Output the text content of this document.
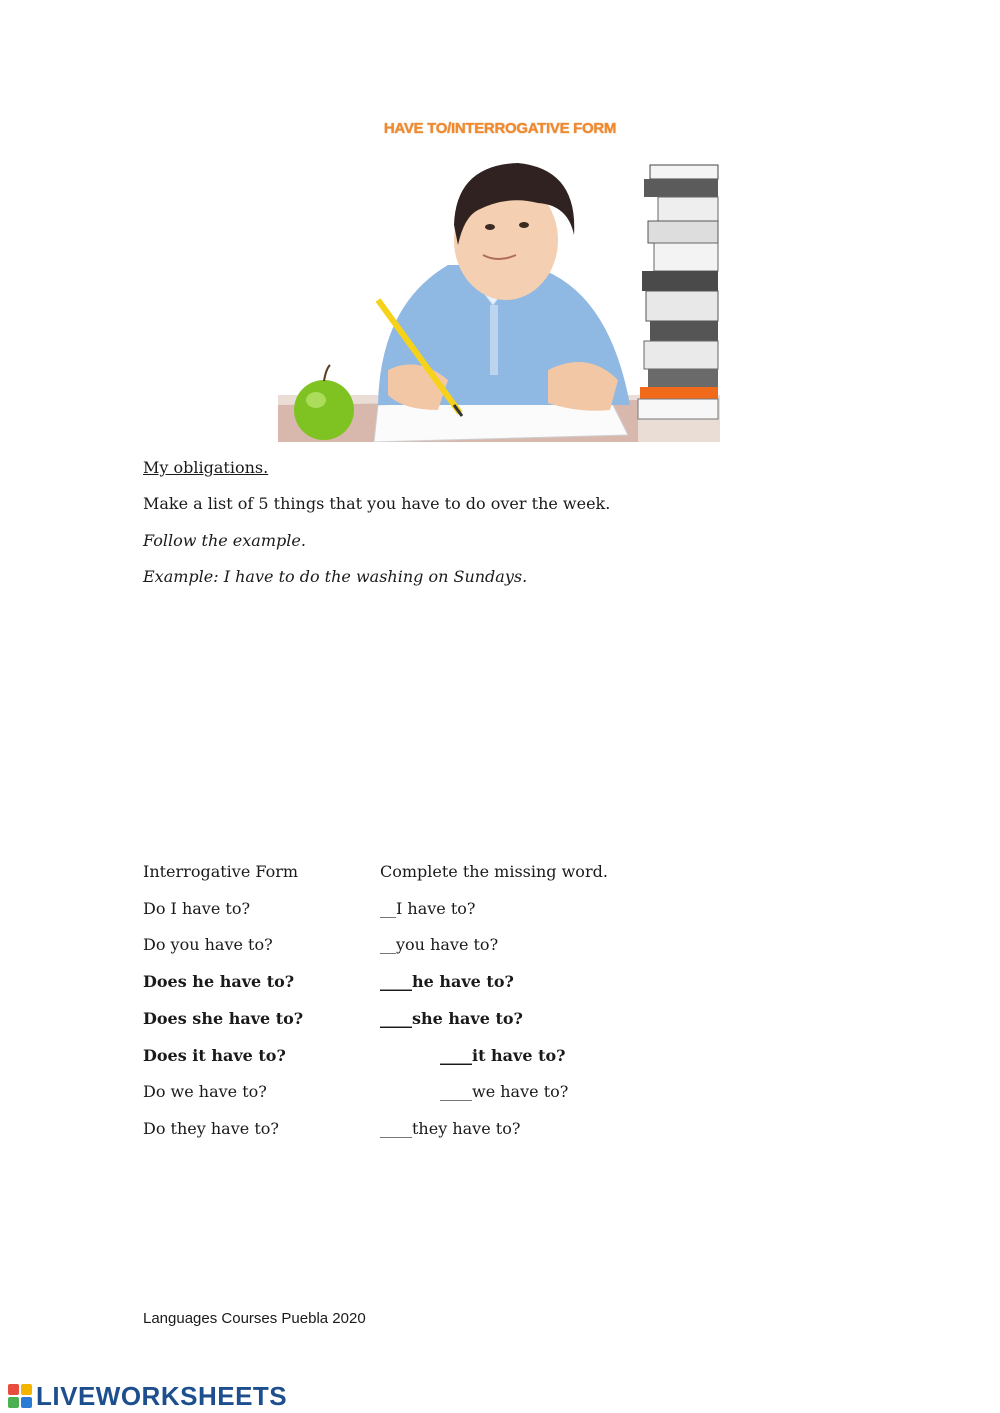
HAVE TO/INTERROGATIVE FORM
My obligations.
Make a list of 5 things that you have to do over the week.
Follow the example.
Example: I have to do the washing on Sundays.
Interrogative Form	Complete the missing word.
Do I have to?	__I have to?
Do you have to?	__you have to?
Does he have to?	____he have to?
Does she have to?	____she have to?
Does it have to?	____it have to?
Do we have to?	____we have to?
Do they have to?	____they have to?
Languages Courses Puebla 2020
LIVEWORKSHEETS
